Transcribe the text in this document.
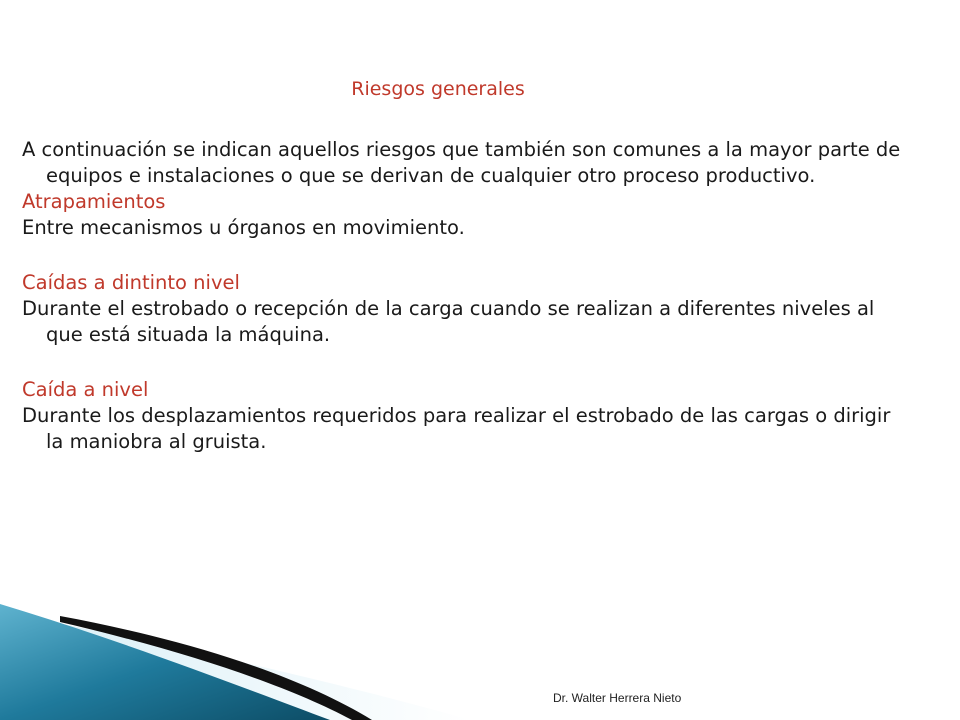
Riesgos generales

A continuación se indican aquellos riesgos que también son comunes a la mayor parte de equipos e instalaciones o que se derivan de cualquier otro proceso productivo.

Atrapamientos

Entre mecanismos u órganos en movimiento.

Caídas a dintinto nivel

Durante el estrobado o recepción de la carga cuando se realizan a diferentes niveles al que está situada la máquina.

Caída a nivel

Durante los desplazamientos requeridos para realizar el estrobado de las cargas o dirigir la maniobra al gruista.

Dr. Walter Herrera Nieto
